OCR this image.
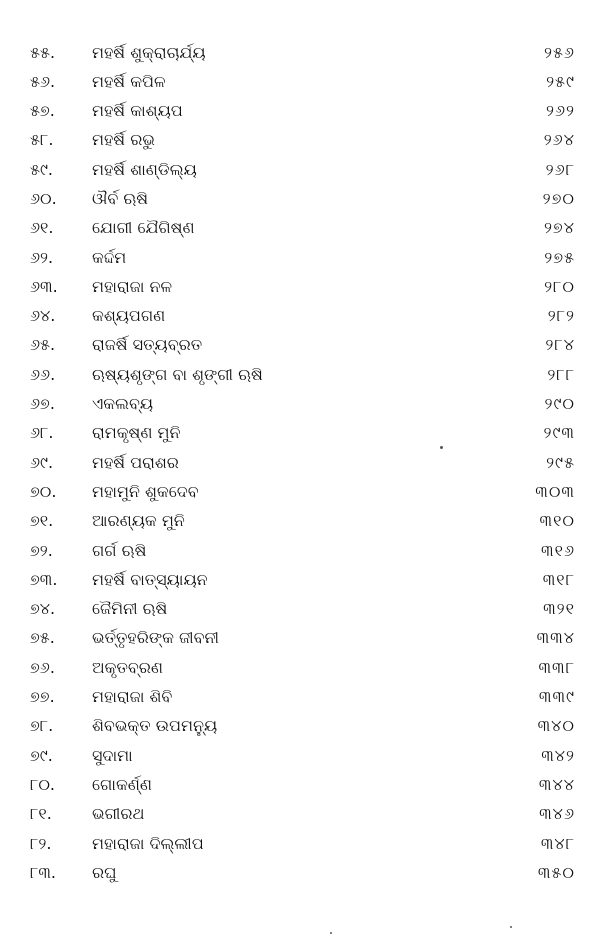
୫୫.	ମହର୍ଷି ଶୁକ୍ରାଚାର୍ଯ୍ୟ	୨୫୬
୫୬.	ମହର୍ଷି କପିଳ	୨୫୯
୫୭.	ମହର୍ଷି କାଶ୍ୟପ	୨୬୨
୫୮.	ମହର୍ଷି ରଭୁ	୨୬୪
୫୯.	ମହର୍ଷି ଶାଣ୍ଡିଲ୍ୟ	୨୬୮
୬୦.	ଔର୍ବ ଋଷି	୨୭୦
୬୧.	ଯୋଗୀ ଯୈଗିଷ୍ଣ	୨୭୪
୬୨.	କର୍ଦ୍ଦମ	୨୭୫
୬୩.	ମହାରାଜା ନଳ	୨୮୦
୬୪.	କଶ୍ୟପଗଣ	୨୮୨
୬୫.	ରାଜର୍ଷି ସତ୍ୟବ୍ରତ	୨୮୪
୬୬.	ଋଷ୍ୟଶୃଙ୍ଗ ବା ଶୃଙ୍ଗୀ ଋଷି	୨୮୮
୬୭.	ଏକଲବ୍ୟ	୨୯୦
୬୮.	ରାମକୃଷ୍ଣ ମୁନି	୨୯୩
୬୯.	ମହର୍ଷି ପରାଶର	୨୯୫
୭୦.	ମହାମୁନି ଶୁକଦେବ	୩୦୩
୭୧.	ଆରଣ୍ୟକ ମୁନି	୩୧୦
୭୨.	ଗର୍ଗ ଋଷି	୩୧୬
୭୩.	ମହର୍ଷି ବାତ୍ସ୍ୟାୟନ	୩୧୮
୭୪.	ଜୈମିନୀ ଋଷି	୩୨୧
୭୫.	ଭର୍ତ୍ତୃହରିଙ୍କ ଜୀବନୀ	୩୩୪
୭୬.	ଅକୃତବ୍ରଣ	୩୩୮
୭୭.	ମହାରାଜା ଶିବି	୩୩୯
୭୮.	ଶିବଭକ୍ତ ଉପମନ୍ୟୁ	୩୪୦
୭୯.	ସୁଦାମା	୩୪୨
୮୦.	ଗୋକର୍ଣ୍ଣ	୩୪୪
୮୧.	ଭଗୀରଥ	୩୪୬
୮୨.	ମହାରାଜା ଦିଲ୍ଲୀପ	୩୪୮
୮୩.	ରଘୁ	୩୫୦
